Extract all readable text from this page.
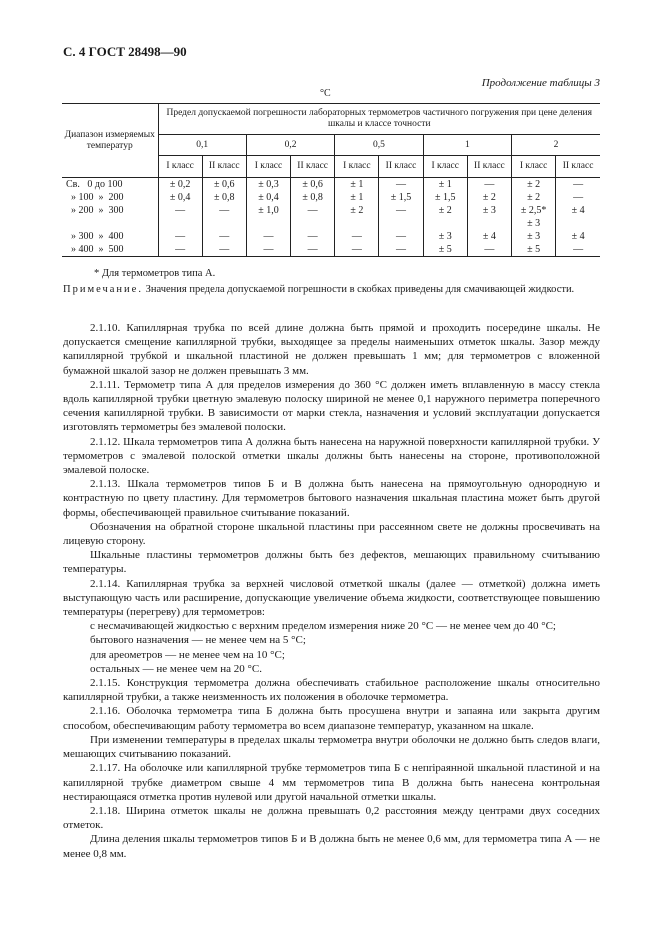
С. 4 ГОСТ 28498—90
Продолжение таблицы 3
°C
Диапазон измеряемых температур	Предел допускаемой погрешности лабораторных термометров частичного погружения при цене деления шкалы и классе точности									
	0,1		0,2		0,5		1		2	
	I класс	II класс	I класс	II класс	I класс	II класс	I класс	II класс	I класс	II класс
Св.   0 до 100	± 0,2	± 0,6	± 0,3	± 0,6	± 1	—	± 1	—	± 2	—
» 100  »  200	± 0,4	± 0,8	± 0,4	± 0,8	± 1	± 1,5	± 1,5	± 2	± 2	—
» 200  »  300	—	—	± 1,0	—	± 2	—	± 2	± 3	± 2,5*	± 4
									± 3	
» 300  »  400	—	—	—	—	—	—	± 3	± 4	± 3	± 4
» 400  »  500	—	—	—	—	—	—	± 5	—	± 5	—
* Для термометров типа А.
Примечание. Значения предела допускаемой погрешности в скобках приведены для смачивающей жидкости.

2.1.10. Капиллярная трубка по всей длине должна быть прямой и проходить посередине шкалы. Не допускается смещение капиллярной трубки, выходящее за пределы наименьших отметок шкалы. Зазор между капиллярной трубкой и шкальной пластиной не должен превышать 1 мм; для термометров с вложенной бумажной шкалой зазор не должен превышать 3 мм.

2.1.11. Термометр типа А для пределов измерения до 360 °С должен иметь вплавленную в массу стекла вдоль капиллярной трубки цветную эмалевую полоску шириной не менее 0,1 наружного периметра поперечного сечения капиллярной трубки. В зависимости от марки стекла, назначения и условий эксплуатации допускается изготовлять термометры без эмалевой полоски.

2.1.12. Шкала термометров типа А должна быть нанесена на наружной поверхности капиллярной трубки. У термометров с эмалевой полоской отметки шкалы должны быть нанесены на стороне, противоположной эмалевой полоске.

2.1.13. Шкала термометров типов Б и В должна быть нанесена на прямоугольную однородную и контрастную по цвету пластину. Для термометров бытового назначения шкальная пластина может быть другой формы, обеспечивающей правильное считывание показаний.

Обозначения на обратной стороне шкальной пластины при рассеянном свете не должны просвечивать на лицевую сторону.

Шкальные пластины термометров должны быть без дефектов, мешающих правильному считыванию температуры.

2.1.14. Капиллярная трубка за верхней числовой отметкой шкалы (далее — отметкой) должна иметь выступающую часть или расширение, допускающие увеличение объема жидкости, соответствующее повышению температуры (перегреву) для термометров:

с несмачивающей жидкостью с верхним пределом измерения ниже 20 °С — не менее чем до 40 °С;

бытового назначения — не менее чем на 5 °С;

для ареометров — не менее чем на 10 °С;

остальных — не менее чем на 20 °С.

2.1.15. Конструкция термометра должна обеспечивать стабильное расположение шкалы относительно капиллярной трубки, а также неизменность их положения в оболочке термометра.

2.1.16. Оболочка термометра типа Б должна быть просушена внутри и запаяна или закрыта другим способом, обеспечивающим работу термометра во всем диапазоне температур, указанном на шкале.

При изменении температуры в пределах шкалы термометра внутри оболочки не должно быть следов влаги, мешающих считыванию показаний.

2.1.17. На оболочке или капиллярной трубке термометров типа Б с непripаянной шкальной пластиной и на капиллярной трубке диаметром свыше 4 мм термометров типа В должна быть нанесена контрольная нестирающаяся отметка против нулевой или другой начальной отметки шкалы.

2.1.18. Ширина отметок шкалы не должна превышать 0,2 расстояния между центрами двух соседних отметок.

Длина деления шкалы термометров типов Б и В должна быть не менее 0,6 мм, для термометра типа А — не менее 0,8 мм.
